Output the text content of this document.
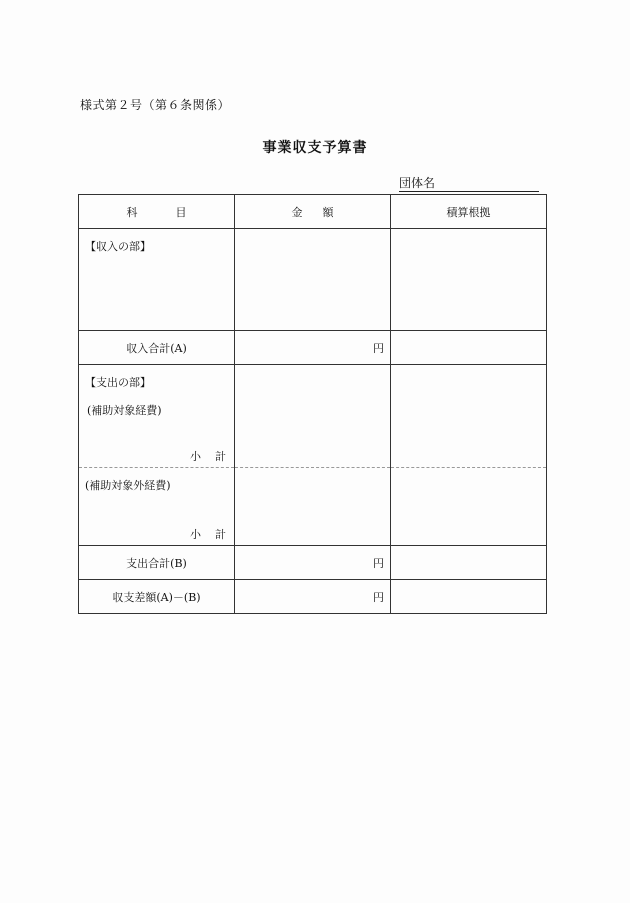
様式第２号（第６条関係）
事業収支予算書
団体名
科目	金額	積算根拠

【収入の部】		

収入合計(A)	円	

【支出の部】
(補助対象経費)
小計		

(補助対象外経費)
小計		

支出合計(B)	円	
収支差額(A)－(B)	円	
